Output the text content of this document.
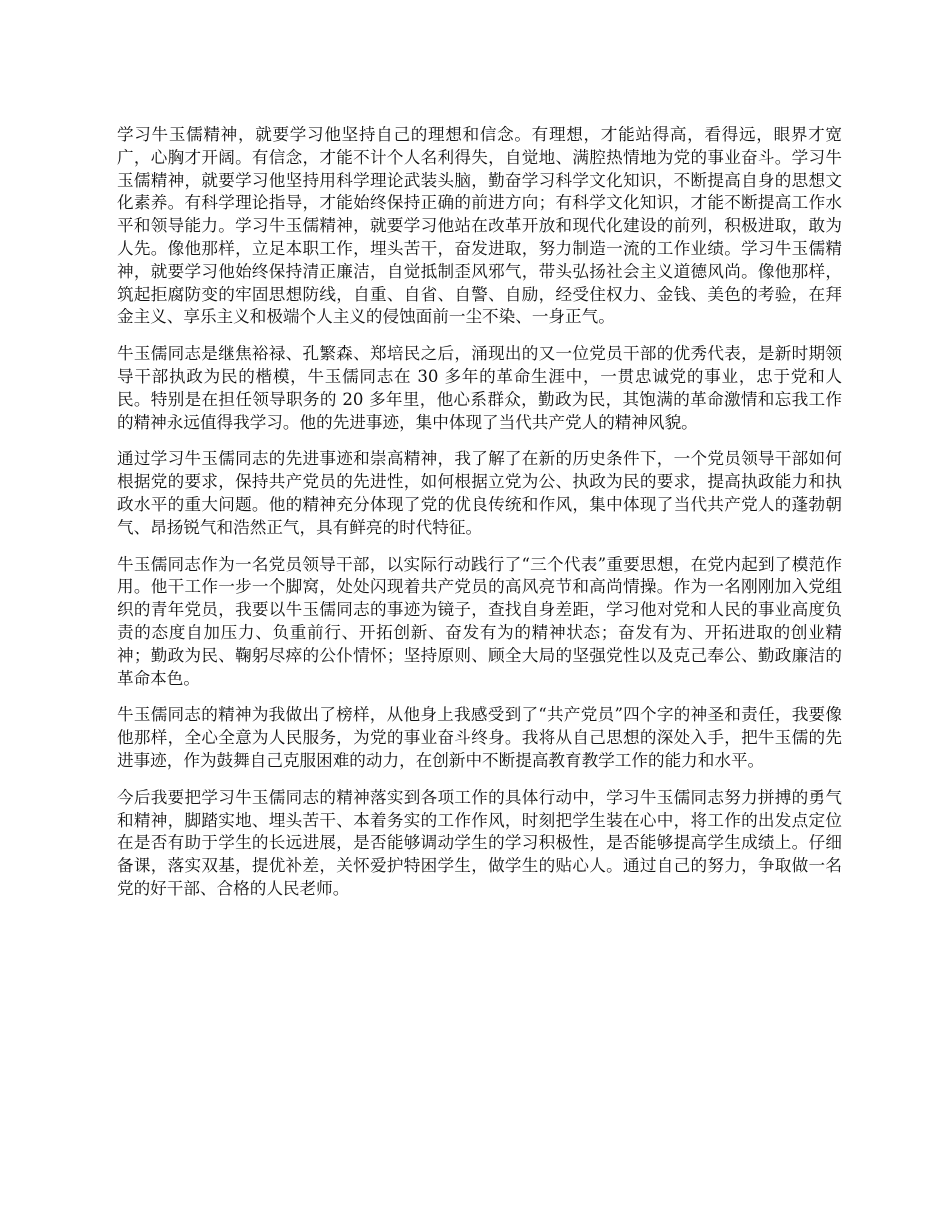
学习牛玉儒精神，就要学习他坚持自己的理想和信念。有理想，才能站得高，看得远，眼界才宽广，心胸才开阔。有信念，才能不计个人名利得失，自觉地、满腔热情地为党的事业奋斗。学习牛玉儒精神，就要学习他坚持用科学理论武装头脑，勤奋学习科学文化知识，不断提高自身的思想文化素养。有科学理论指导，才能始终保持正确的前进方向；有科学文化知识，才能不断提高工作水平和领导能力。学习牛玉儒精神，就要学习他站在改革开放和现代化建设的前列，积极进取，敢为人先。像他那样，立足本职工作，埋头苦干，奋发进取，努力制造一流的工作业绩。学习牛玉儒精神，就要学习他始终保持清正廉洁，自觉抵制歪风邪气，带头弘扬社会主义道德风尚。像他那样，筑起拒腐防变的牢固思想防线，自重、自省、自警、自励，经受住权力、金钱、美色的考验，在拜金主义、享乐主义和极端个人主义的侵蚀面前一尘不染、一身正气。

牛玉儒同志是继焦裕禄、孔繁森、郑培民之后，涌现出的又一位党员干部的优秀代表，是新时期领导干部执政为民的楷模，牛玉儒同志在 30 多年的革命生涯中，一贯忠诚党的事业，忠于党和人民。特别是在担任领导职务的 20 多年里，他心系群众，勤政为民，其饱满的革命激情和忘我工作的精神永远值得我学习。他的先进事迹，集中体现了当代共产党人的精神风貌。

通过学习牛玉儒同志的先进事迹和崇高精神，我了解了在新的历史条件下，一个党员领导干部如何根据党的要求，保持共产党员的先进性，如何根据立党为公、执政为民的要求，提高执政能力和执政水平的重大问题。他的精神充分体现了党的优良传统和作风，集中体现了当代共产党人的蓬勃朝气、昂扬锐气和浩然正气，具有鲜亮的时代特征。

牛玉儒同志作为一名党员领导干部，以实际行动践行了“三个代表”重要思想，在党内起到了模范作用。他干工作一步一个脚窝，处处闪现着共产党员的高风亮节和高尚情操。作为一名刚刚加入党组织的青年党员，我要以牛玉儒同志的事迹为镜子，查找自身差距，学习他对党和人民的事业高度负责的态度自加压力、负重前行、开拓创新、奋发有为的精神状态；奋发有为、开拓进取的创业精神；勤政为民、鞠躬尽瘁的公仆情怀；坚持原则、顾全大局的坚强党性以及克己奉公、勤政廉洁的革命本色。

牛玉儒同志的精神为我做出了榜样，从他身上我感受到了“共产党员”四个字的神圣和责任，我要像他那样，全心全意为人民服务，为党的事业奋斗终身。我将从自己思想的深处入手，把牛玉儒的先进事迹，作为鼓舞自己克服困难的动力，在创新中不断提高教育教学工作的能力和水平。

今后我要把学习牛玉儒同志的精神落实到各项工作的具体行动中，学习牛玉儒同志努力拼搏的勇气和精神，脚踏实地、埋头苦干、本着务实的工作作风，时刻把学生装在心中，将工作的出发点定位在是否有助于学生的长远进展，是否能够调动学生的学习积极性，是否能够提高学生成绩上。仔细备课，落实双基，提优补差，关怀爱护特困学生，做学生的贴心人。通过自己的努力，争取做一名党的好干部、合格的人民老师。
